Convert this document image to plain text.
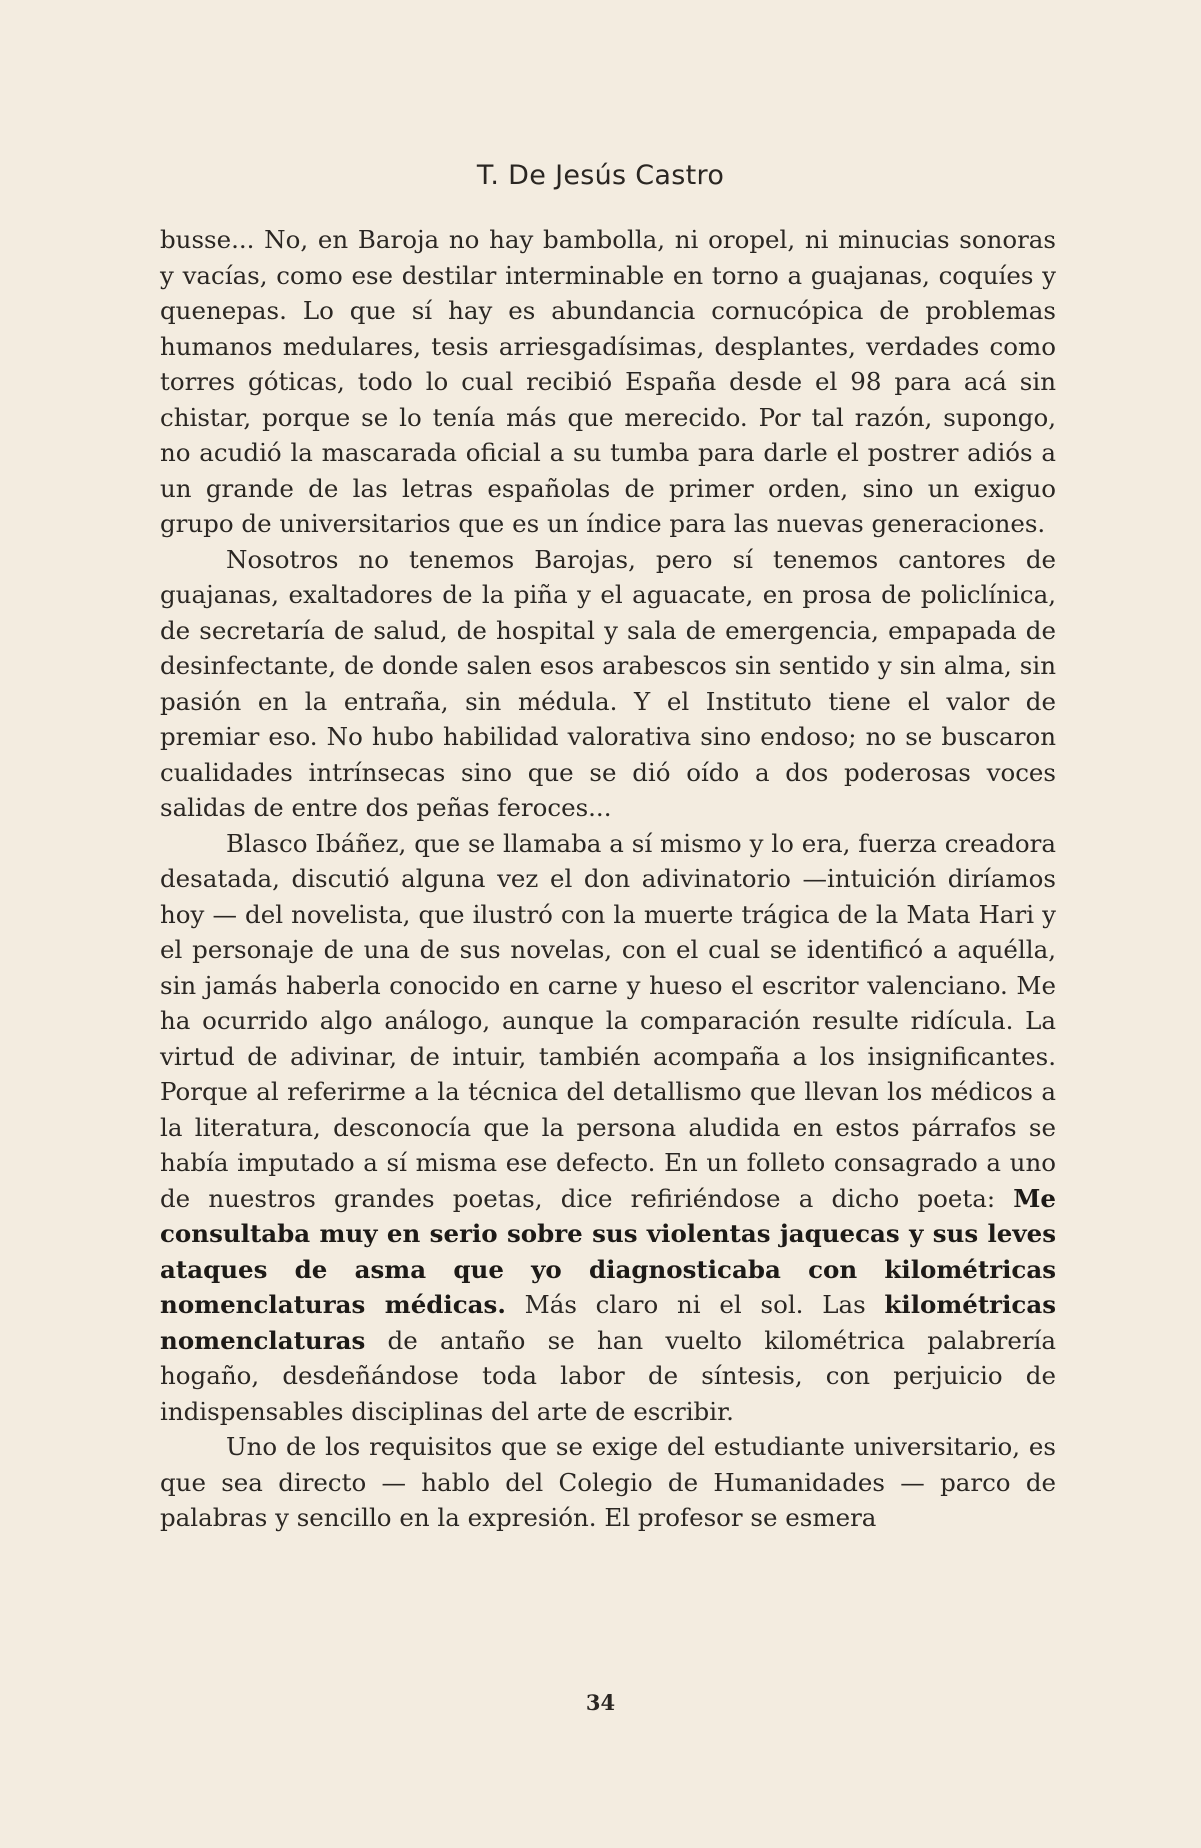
T. De Jesús Castro

busse... No, en Baroja no hay bambolla, ni oropel, ni minucias sonoras y vacías, como ese destilar interminable en torno a guajanas, coquíes y quenepas. Lo que sí hay es abundancia cornucópica de problemas humanos medulares, tesis arriesgadísimas, desplantes, verdades como torres góticas, todo lo cual recibió España desde el 98 para acá sin chistar, porque se lo tenía más que merecido. Por tal razón, supongo, no acudió la mascarada oficial a su tumba para darle el postrer adiós a un grande de las letras españolas de primer orden, sino un exiguo grupo de universitarios que es un índice para las nuevas generaciones.

Nosotros no tenemos Barojas, pero sí tenemos cantores de guajanas, exaltadores de la piña y el aguacate, en prosa de policlínica, de secretaría de salud, de hospital y sala de emergencia, empapada de desinfectante, de donde salen esos arabescos sin sentido y sin alma, sin pasión en la entraña, sin médula. Y el Instituto tiene el valor de premiar eso. No hubo habilidad valorativa sino endoso; no se buscaron cualidades intrínsecas sino que se dió oído a dos poderosas voces salidas de entre dos peñas feroces...

Blasco Ibáñez, que se llamaba a sí mismo y lo era, fuerza creadora desatada, discutió alguna vez el don adivinatorio —intuición diríamos hoy — del novelista, que ilustró con la muerte trágica de la Mata Hari y el personaje de una de sus novelas, con el cual se identificó a aquélla, sin jamás haberla conocido en carne y hueso el escritor valenciano. Me ha ocurrido algo análogo, aunque la comparación resulte ridícula. La virtud de adivinar, de intuir, también acompaña a los insignificantes. Porque al referirme a la técnica del detallismo que llevan los médicos a la literatura, desconocía que la persona aludida en estos párrafos se había imputado a sí misma ese defecto. En un folleto consagrado a uno de nuestros grandes poetas, dice refiriéndose a dicho poeta: Me consultaba muy en serio sobre sus violentas jaquecas y sus leves ataques de asma que yo diagnosticaba con kilométricas nomenclaturas médicas. Más claro ni el sol. Las kilométricas nomenclaturas de antaño se han vuelto kilométrica palabrería hogaño, desdeñándose toda labor de síntesis, con perjuicio de indispensables disciplinas del arte de escribir.

Uno de los requisitos que se exige del estudiante universitario, es que sea directo — hablo del Colegio de Humanidades — parco de palabras y sencillo en la expresión. El profesor se esmera

34
